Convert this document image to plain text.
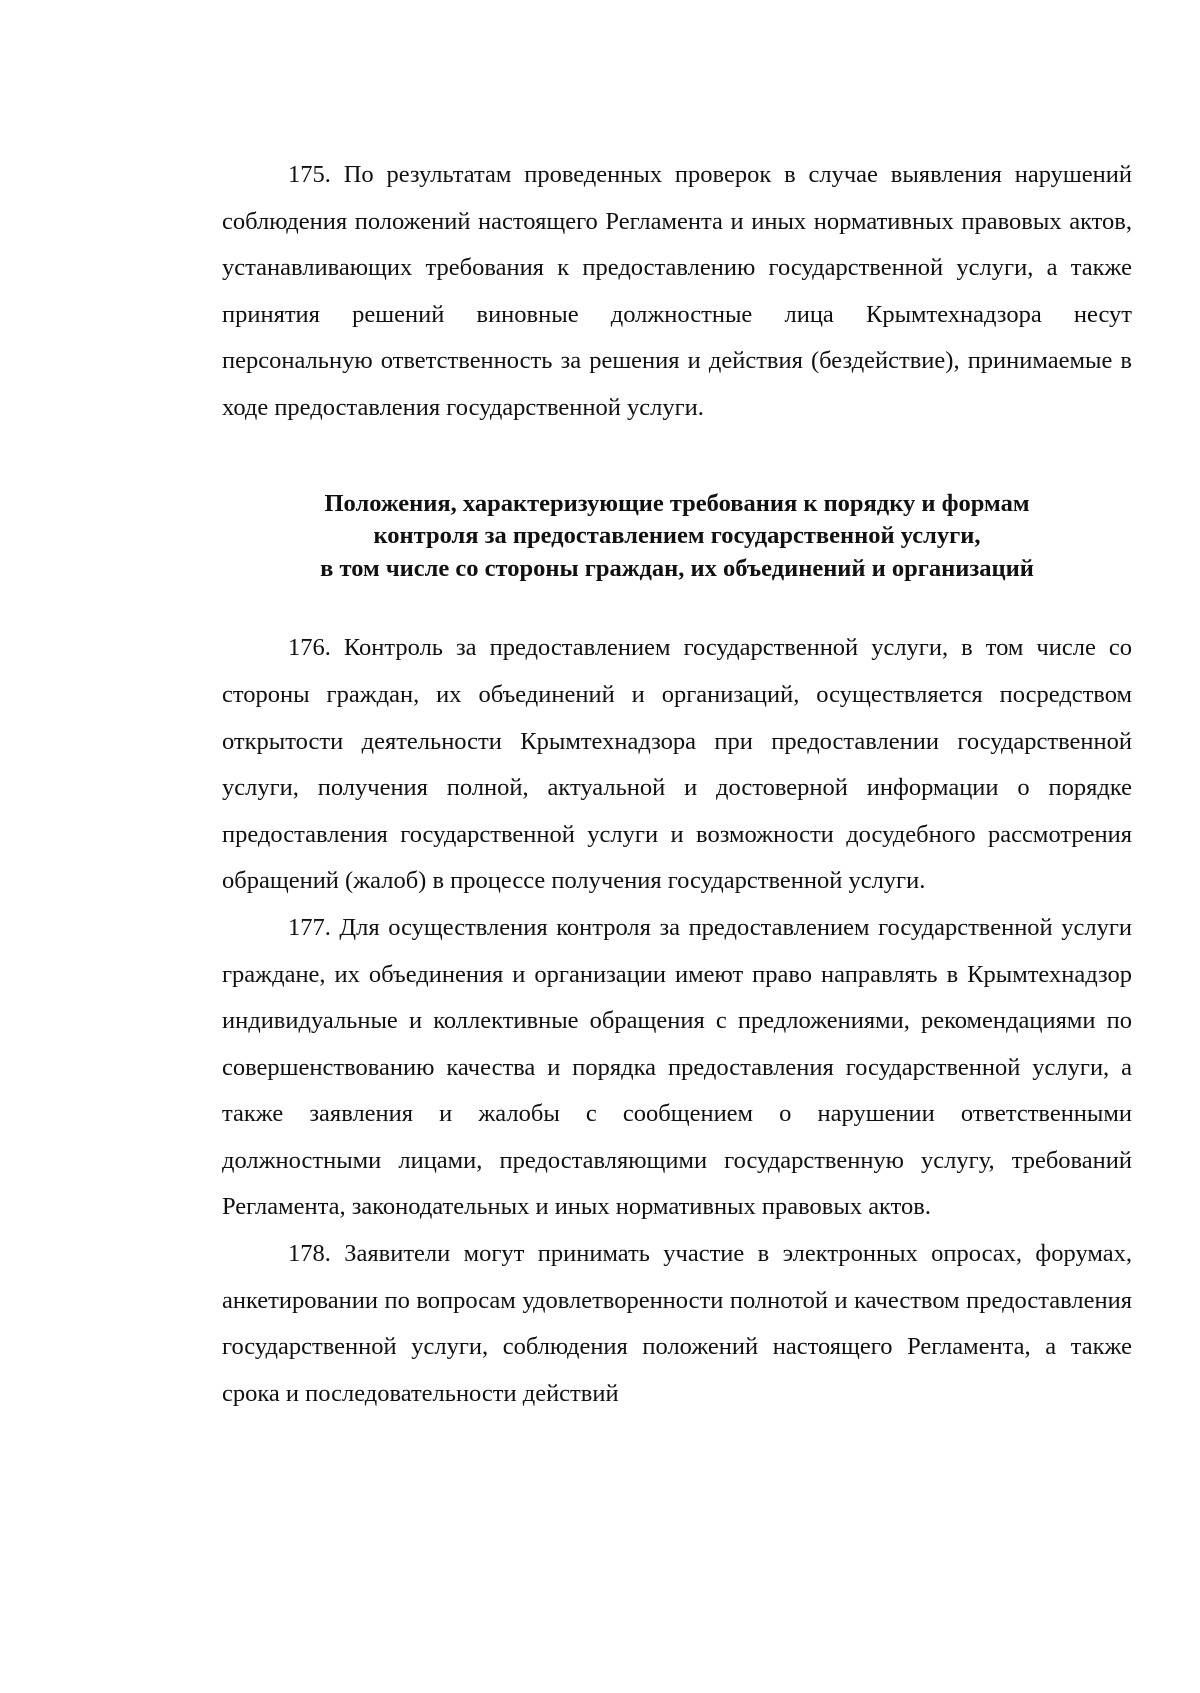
175. По результатам проведенных проверок в случае выявления нарушений соблюдения положений настоящего Регламента и иных нормативных правовых актов, устанавливающих требования к предоставлению государственной услуги, а также принятия решений виновные должностные лица Крымтехнадзора несут персональную ответственность за решения и действия (бездействие), принимаемые в ходе предоставления государственной услуги.

Положения, характеризующие требования к порядку и формам
контроля за предоставлением государственной услуги,
в том числе со стороны граждан, их объединений и организаций

176. Контроль за предоставлением государственной услуги, в том числе со стороны граждан, их объединений и организаций, осуществляется посредством открытости деятельности Крымтехнадзора при предоставлении государственной услуги, получения полной, актуальной и достоверной информации о порядке предоставления государственной услуги и возможности досудебного рассмотрения обращений (жалоб) в процессе получения государственной услуги.

177. Для осуществления контроля за предоставлением государственной услуги граждане, их объединения и организации имеют право направлять в Крымтехнадзор индивидуальные и коллективные обращения с предложениями, рекомендациями по совершенствованию качества и порядка предоставления государственной услуги, а также заявления и жалобы с сообщением о нарушении ответственными должностными лицами, предоставляющими государственную услугу, требований Регламента, законодательных и иных нормативных правовых актов.

178. Заявители могут принимать участие в электронных опросах, форумах, анкетировании по вопросам удовлетворенности полнотой и качеством предоставления государственной услуги, соблюдения положений настоящего Регламента, а также срока и последовательности действий
